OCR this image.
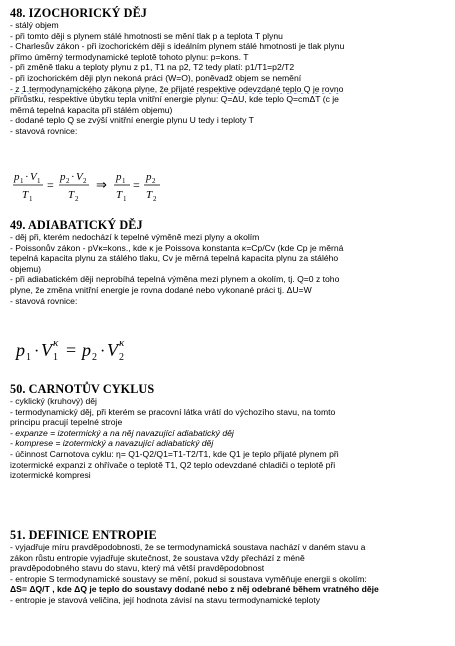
48. IZOCHORICKÝ DĚJ
- stálý objem
- při tomto ději s plynem stálé hmotnosti se mění tlak p a teplota T plynu
- Charlesův zákon - při izochorickém ději s ideálním plynem stálé hmotnosti je tlak plynu
přímo úměrný termodynamické teplotě tohoto plynu: p=kons. T
- při změně tlaku a teploty plynu z p1, T1 na p2, T2 tedy platí: p1/T1=p2/T2
- při izochorickém ději plyn nekoná práci (W=O), poněvadž objem se nemění
- z 1.termodynamického zákona plyne, že přijaté respektive odevzdané teplo Q je rovno
přírůstku, respektive úbytku tepla vnitřní energie plynu: Q=ΔU, kde teplo Q=cmΔT (c je
měrná tepelná kapacita při stálém objemu)
- dodané teplo Q se zvýší vnitřní energie plynu U tedy i teploty T
- stavová rovnice:
p 1 · V 1
T 1
=
p 2 · V 2
T 2
⇒ p 1
T 1
=
p 2
T 2
49. ADIABATICKÝ DĚJ
- děj při, kterém nedochází k tepelné výměně mezi plyny a okolím
- Poissonův zákon - pVκ=kons., kde κ je Poissova konstanta κ=Cp/Cv (kde Cp je měrná
tepelná kapacita plynu za stálého tlaku, Cv je měrná tepelná kapacita plynu za stálého
objemu)
- při adiabatickém ději neprobíhá tepelná výměna mezi plynem a okolím, tj. Q=0 z toho
plyne, že změna vnitřní energie je rovna dodané nebo vykonané práci tj. ΔU=W
- stavová rovnice:
p 1 · V 1
κ = p 2 · V 2
κ
50. CARNOTŮV CYKLUS
- cyklický (kruhový) děj
- termodynamický děj, při kterém se pracovní látka vrátí do výchozího stavu, na tomto
principu pracují tepelné stroje
- expanze = izotermický a na něj navazující adiabatický děj
- komprese = izotermický a navazující adiabatický děj
- účinnost Carnotova cyklu: η= Q1-Q2/Q1=T1-T2/T1, kde Q1 je teplo přijaté plynem při
izotermické expanzi z ohřívače o teplotě T1, Q2 teplo odevzdané chladiči o teplotě při
izotermické kompresi
51. DEFINICE ENTROPIE
- vyjadřuje míru pravděpodobnosti, že se termodynamická soustava nachází v daném stavu a
zákon růstu entropie vyjadřuje skutečnost, že soustava vždy přechází z méně
pravděpodobného stavu do stavu, který má větší pravděpodobnost
- entropie S termodynamické soustavy se mění, pokud si soustava vyměňuje energii s okolím:
ΔS= ΔQ/T , kde ΔQ je teplo do soustavy dodané nebo z něj odebrané během vratného děje
- entropie je stavová veličina, její hodnota závisí na stavu termodynamické teploty
